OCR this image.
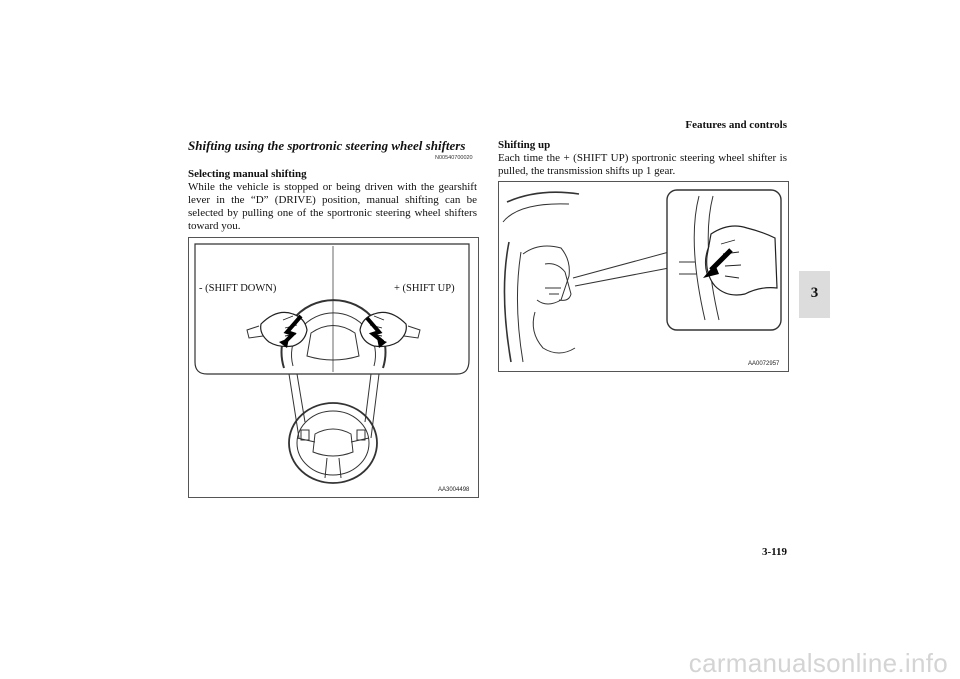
Features and controls
3
Shifting using the sportronic steering wheel shifters
N00540700020
Selecting manual shifting
While the vehicle is stopped or being driven with the gearshift lever in the “D” (DRIVE) position, manual shifting can be selected by pulling one of the sportronic steering wheel shifters toward you.
- (SHIFT DOWN)	+ (SHIFT UP)
AA3004498
Shifting up
Each time the + (SHIFT UP) sportronic steering wheel shifter is pulled, the transmission shifts up 1 gear.
AA0072957
3-119
carmanualsonline.info
